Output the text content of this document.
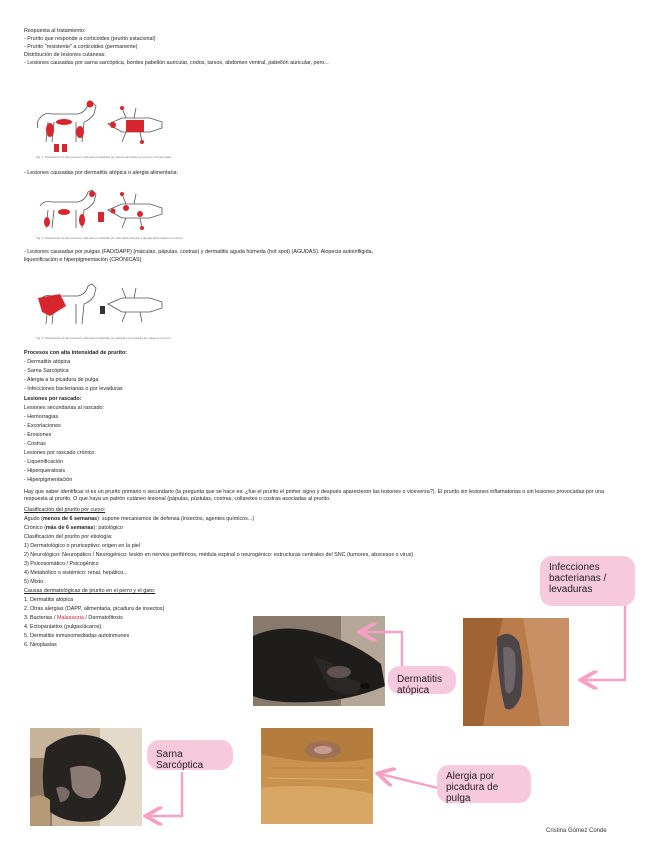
Respuesta al tratamiento:
- Prurito que responde a corticoides (prurito estacional)
- Prurito "resistente" a corticoides (permanente)
Distribución de lesiones cutáneas:
- Lesiones causadas por sarna sarcóptica, bordes pabellón auricular, codos, tarsos, abdomen ventral, pabellón auricular, pero...
Fig. 1. Distribución de las lesiones cutáneas producidas por sarna sarcóptica en el perro (zonas rojas).
- Lesiones causadas por dermatitis atópica o alergia alimentaria:
Fig. 2. Distribución de las lesiones cutáneas producidas por dermatitis atópica o alergia alimentaria en el perro.
- Lesiones causadas por pulgas (FAD/DAPP) (máculas, pápulas, costras) y dermatitis aguda húmeda (hot spot) (AGUDAS). Alopecia autoinfligida,
liquenificación e hiperpigmentación (CRÓNICAS)
Fig. 3. Distribución de las lesiones cutáneas producidas por alergia a la picadura de pulga en el perro.
Procesos con alta intensidad de prurito:
- Dermatitis atópica
- Sarna Sarcóptica
- Alergia a la picadura de pulga
- Infecciones bacterianas o por levaduras
Lesiones por rascado:
Lesiones secundarias al rascado:
- Hemorragias
- Excoriaciones
- Erosiones
- Costras
Lesiones por rascado crónico:
- Liquenificación
- Hiperqueratosis
- Hiperpigmentación
Hay que saber identificar si es un prurito primario o secundario (la pregunta que se hace es: ¿fue el prurito el primer signo y después aparecieron las lesiones o viceversa?). El prurito sin lesiones inflamatorias o sin lesiones provocadas por una respuesta al prurito. O que haya un patrón cutáneo lesional (pápulas, pústulas, costras, collaretes o costras asociadas al prurito.
Clasificación del prurito por curso:
Agudo (menos de 6 semanas): supone mecanismos de defensa (insectos, agentes químicos...)
Crónico (más de 6 semanas): patológico
Clasificación del prurito por etiología:
1) Dermatológico o pruriceptivo: origen en la piel
2) Neurológico: Neuropático / Neurogénico: lesión en nervios periféricos, médula espinal o neurogénico: estructuras centrales del SNC (tumores, abscesos o virus)
3) Psicosomático / Psicogénico
4) Metabólico o sistémico: renal, hepático...
5) Mixto
Causas dermatológicas de prurito en el perro y el gato:
1. Dermatitis atópica
2. Otras alergias (DAPP, alimentaria, picadura de insectos)
3. Bacterias / Malassezia / Dermatofitosis
4. Ectoparásitos (pulgas/ácaros)
5. Dermatitis inmunomediadas autoinmunes
6. Neoplasias
Infecciones bacterianas / levaduras
Dermatitis atópica
Sarna Sarcóptica
Alergia por picadura de pulga
Cristina Gómez Conde
